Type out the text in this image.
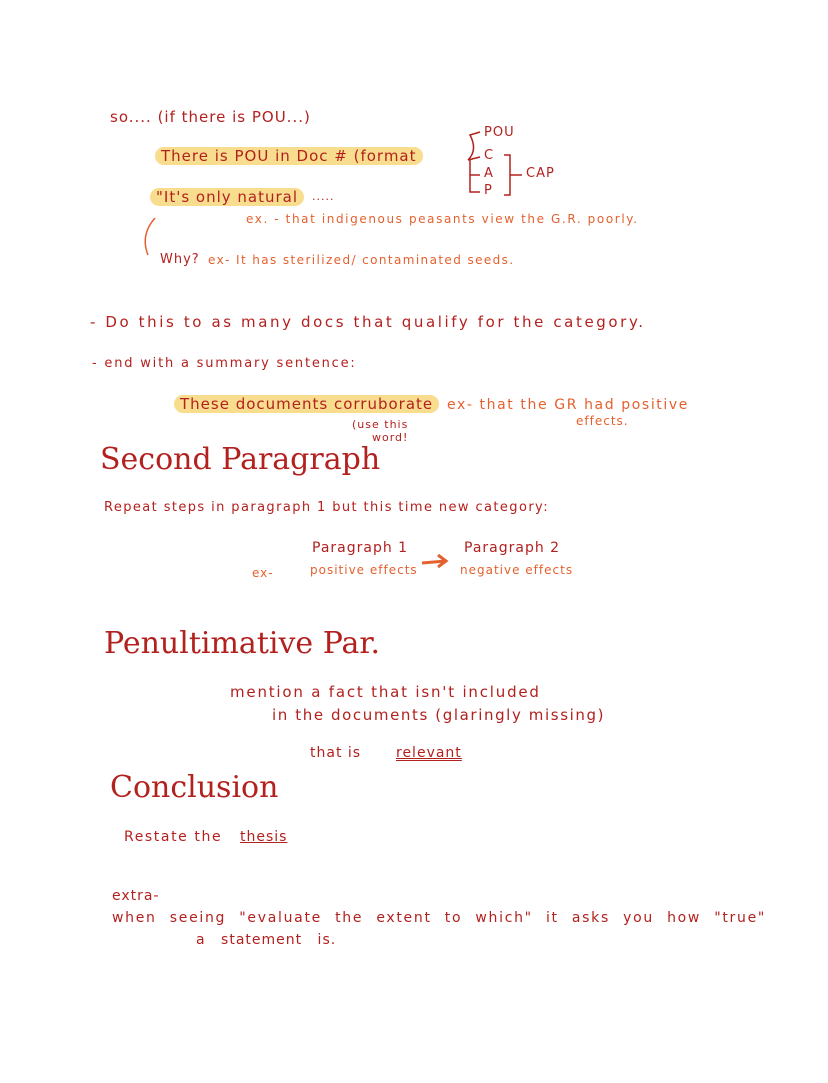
so.... (if there is POU...)
There is POU in Doc # (format
POU
C
A
P
CAP
"It's only natural	.....
ex. - that indigenous peasants view the G.R. poorly.
Why? ex- It has sterilized/ contaminated seeds.
- Do this to as many docs that qualify for the category.
- end with a summary sentence:
These documents corruborate ex- that the GR had positive
effects.
(use this
word!
Second Paragraph
Repeat steps in paragraph 1 but this time new category:
ex-
Paragraph 1
positive effects
Paragraph 2
negative effects
Penultimative Par.
mention a fact that isn't included
in the documents (glaringly missing)
that is relevant
Conclusion
Restate the thesis
extra-
when seeing "evaluate the extent to which" it asks you how "true"
a statement is.
